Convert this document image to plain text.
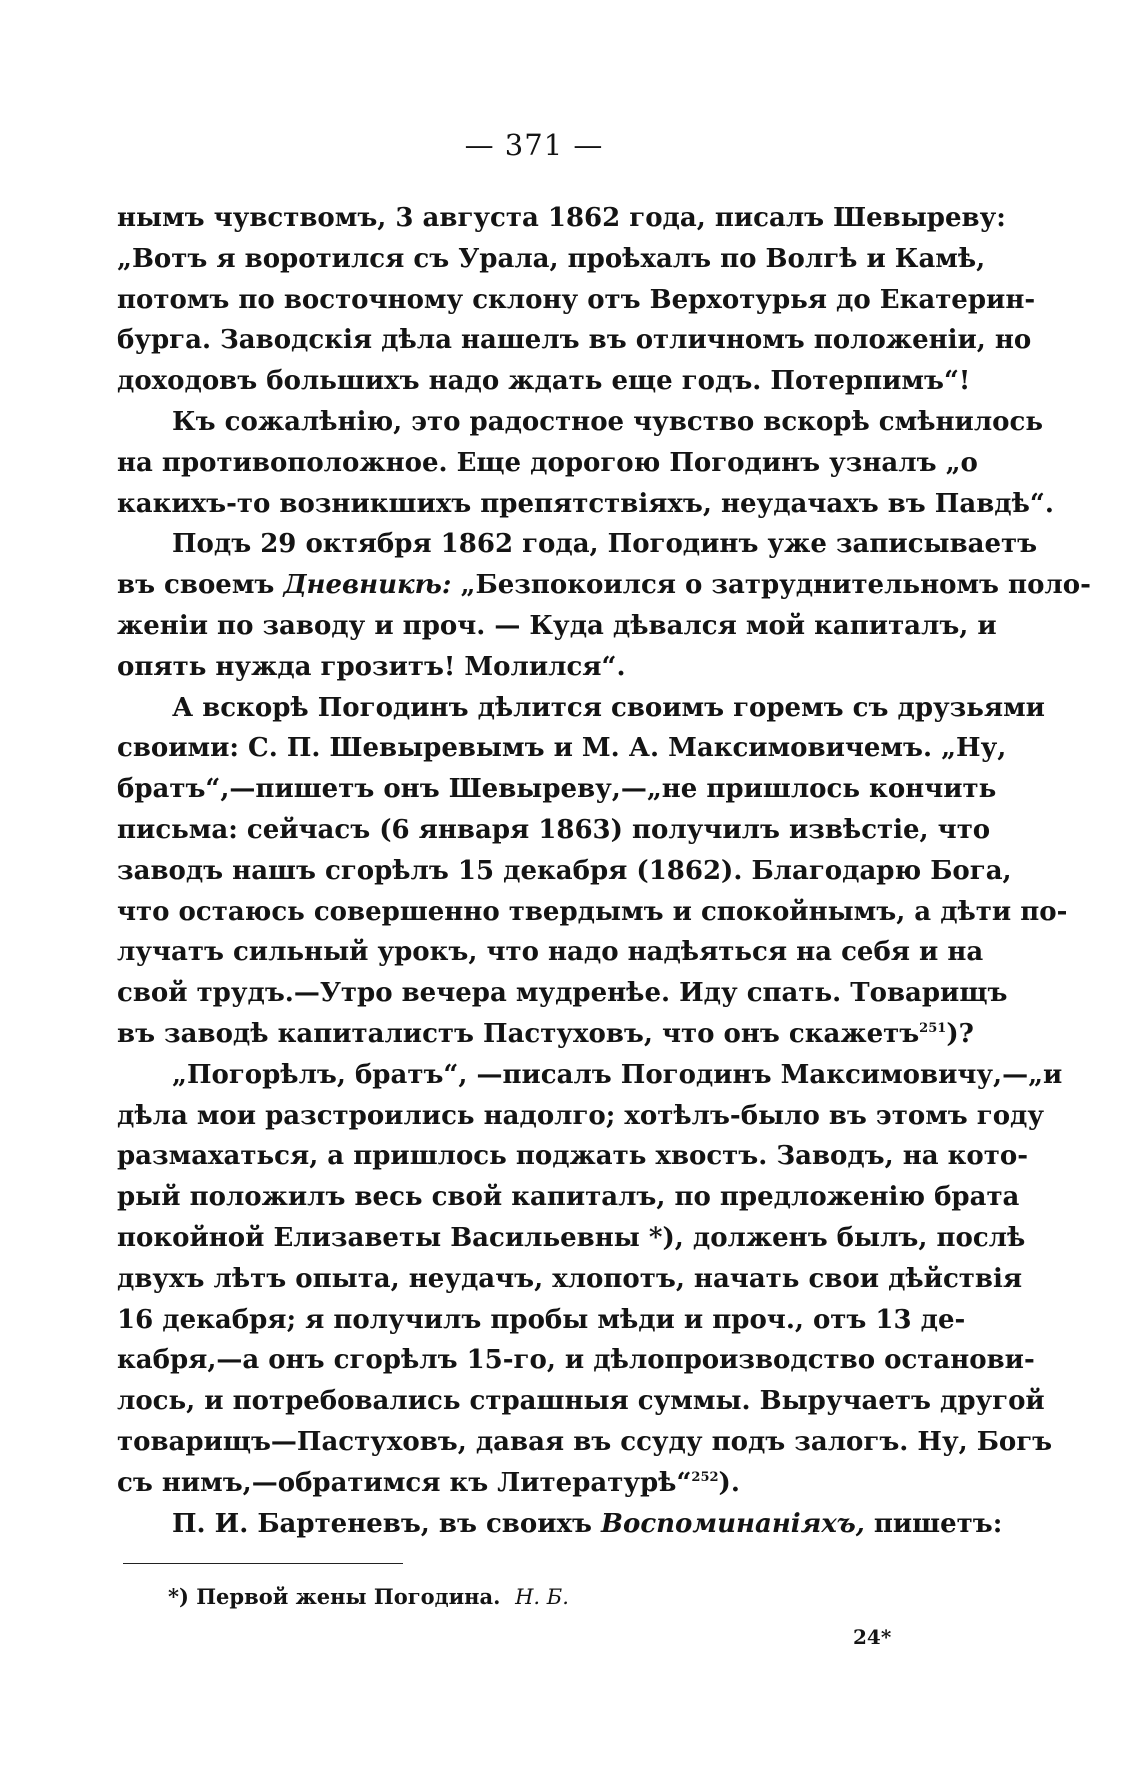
— 371 —
нымъ чувствомъ, 3 августа 1862 года, писалъ Шевыреву:
„Вотъ я воротился съ Урала, проѣхалъ по Волгѣ и Камѣ,
потомъ по восточному склону отъ Верхотурья до Екатерин-
бурга. Заводскія дѣла нашелъ въ отличномъ положеніи, но
доходовъ большихъ надо ждать еще годъ. Потерпимъ“!
Къ сожалѣнію, это радостное чувство вскорѣ смѣнилось
на противоположное. Еще дорогою Погодинъ узналъ „о
какихъ-то возникшихъ препятствіяхъ, неудачахъ въ Павдѣ“.
Подъ 29 октября 1862 года, Погодинъ уже записываетъ
въ своемъ Дневникѣ: „Безпокоился о затруднительномъ поло-
женіи по заводу и проч. — Куда дѣвался мой капиталъ, и
опять нужда грозитъ! Молился“.
А вскорѣ Погодинъ дѣлится своимъ горемъ съ друзьями
своими: С. П. Шевыревымъ и М. А. Максимовичемъ. „Ну,
братъ“,—пишетъ онъ Шевыреву,—„не пришлось кончить
письма: сейчасъ (6 января 1863) получилъ извѣстіе, что
заводъ нашъ сгорѣлъ 15 декабря (1862). Благодарю Бога,
что остаюсь совершенно твердымъ и спокойнымъ, а дѣти по-
лучатъ сильный урокъ, что надо надѣяться на себя и на
свой трудъ.—Утро вечера мудренѣе. Иду спать. Товарищъ
въ заводѣ капиталистъ Пастуховъ, что онъ скажетъ$^{251}$)?
„Погорѣлъ, братъ“, —писалъ Погодинъ Максимовичу,—„и
дѣла мои разстроились надолго; хотѣлъ-было въ этомъ году
размахаться, а пришлось поджать хвостъ. Заводъ, на кото-
рый положилъ весь свой капиталъ, по предложенію брата
покойной Елизаветы Васильевны *), долженъ былъ, послѣ
двухъ лѣтъ опыта, неудачъ, хлопотъ, начать свои дѣйствія
16 декабря; я получилъ пробы мѣди и проч., отъ 13 де-
кабря,—а онъ сгорѣлъ 15-го, и дѣлопроизводство останови-
лось, и потребовались страшныя суммы. Выручаетъ другой
товарищъ—Пастуховъ, давая въ ссуду подъ залогъ. Ну, Богъ
съ нимъ,—обратимся къ Литературѣ“$^{252}$).
П. И. Бартеневъ, въ своихъ Воспоминаніяхъ, пишетъ:
*) Первой жены Погодина. Н. Б.
24*
